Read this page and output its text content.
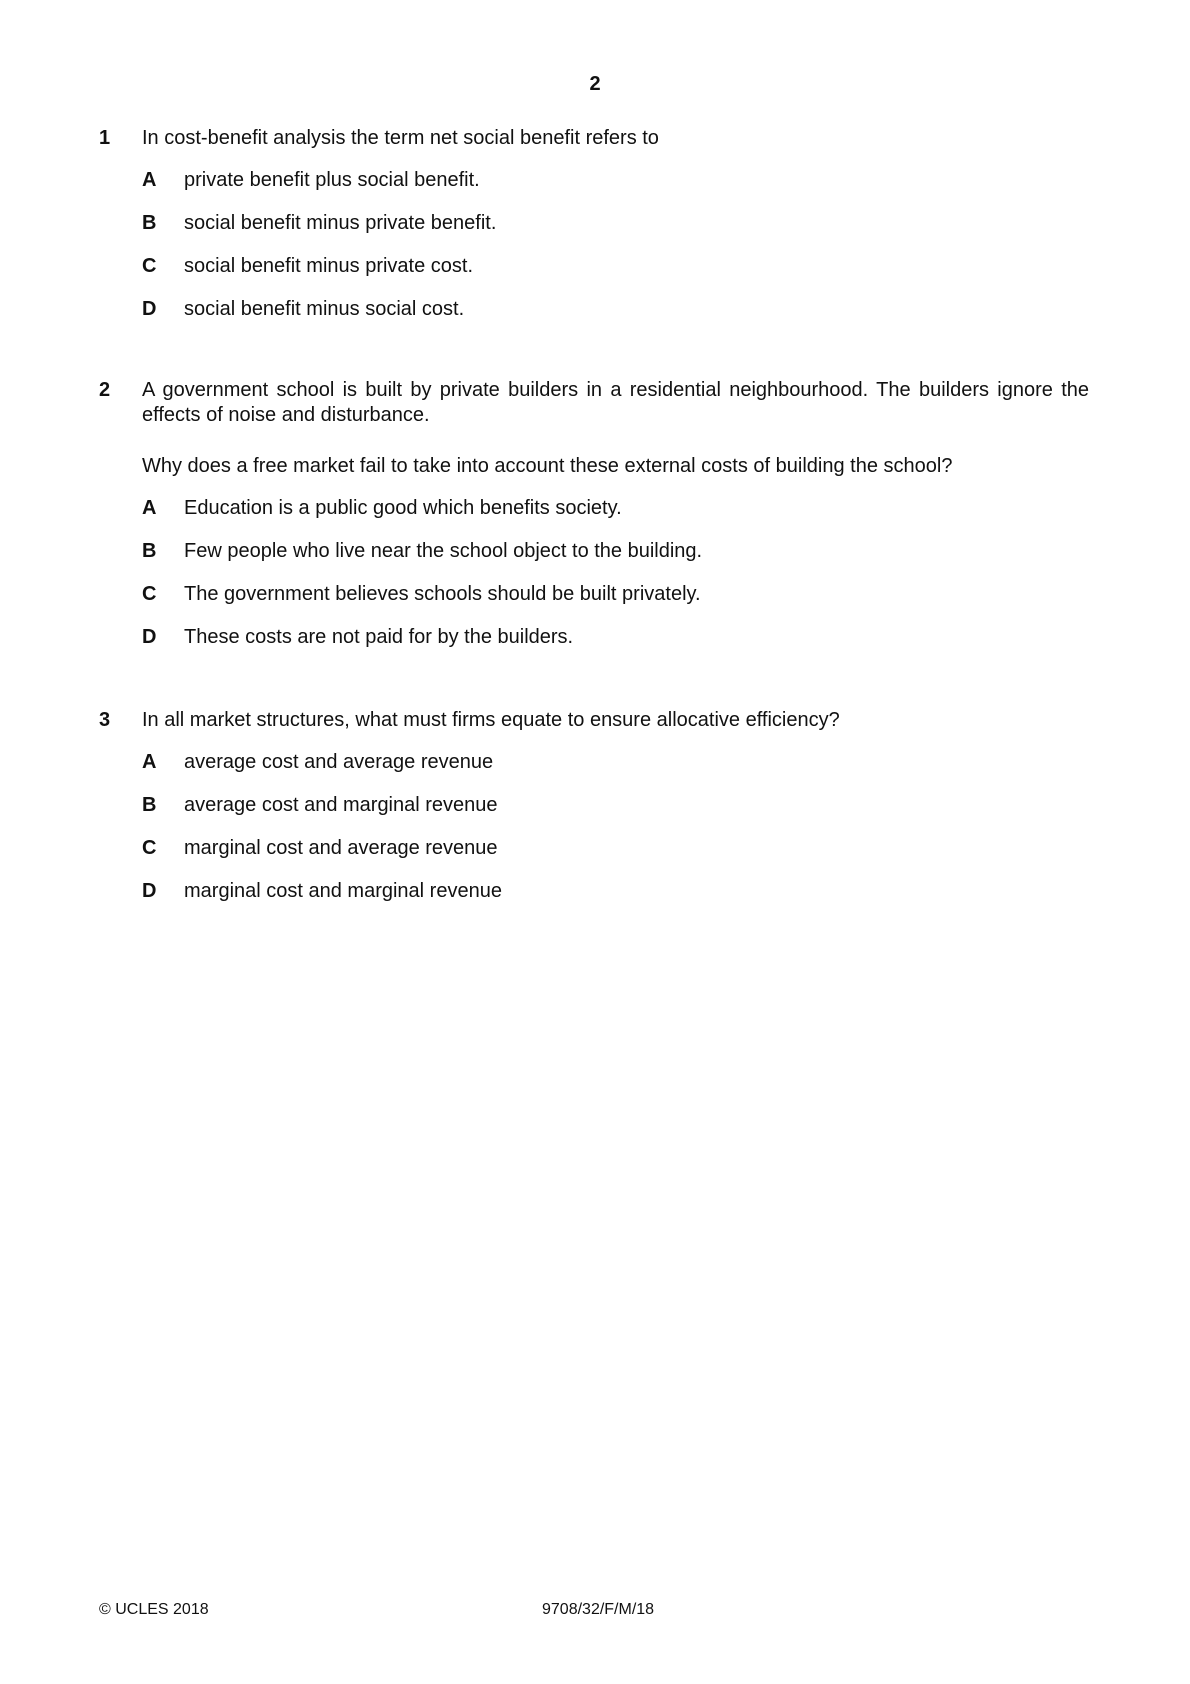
2
1 In cost-benefit analysis the term net social benefit refers to

A private benefit plus social benefit.
B social benefit minus private benefit.
C social benefit minus private cost.
D social benefit minus social cost.
2 A government school is built by private builders in a residential neighbourhood. The builders ignore the effects of noise and disturbance.

Why does a free market fail to take into account these external costs of building the school?

A Education is a public good which benefits society.
B Few people who live near the school object to the building.
C The government believes schools should be built privately.
D These costs are not paid for by the builders.
3 In all market structures, what must firms equate to ensure allocative efficiency?

A average cost and average revenue
B average cost and marginal revenue
C marginal cost and average revenue
D marginal cost and marginal revenue
© UCLES 2018	9708/32/F/M/18
